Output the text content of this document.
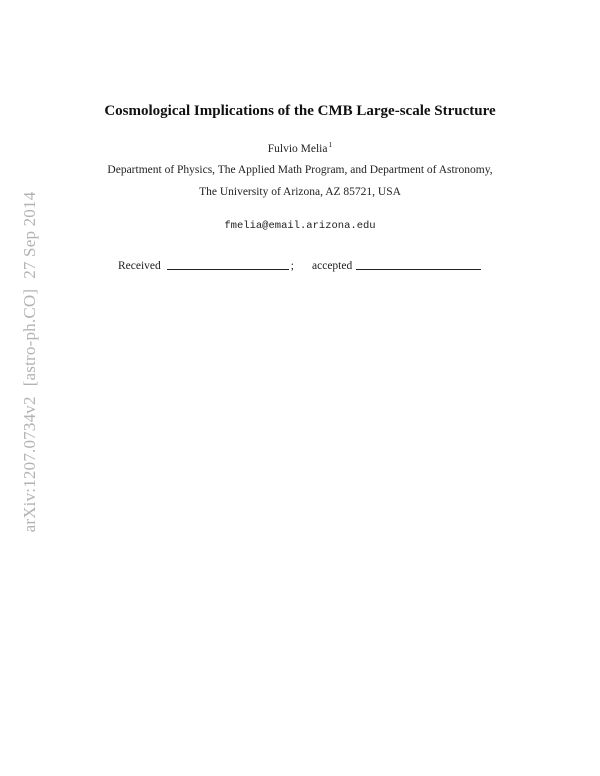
arXiv:1207.0734v2[astro-ph.CO]27 Sep 2014
Cosmological Implications of the CMB Large-scale Structure
Fulvio Melia$^1$
Department of Physics, The Applied Math Program, and Department of Astronomy,
The University of Arizona, AZ 85721, USA
fmelia@email.arizona.edu
Received	; accepted
